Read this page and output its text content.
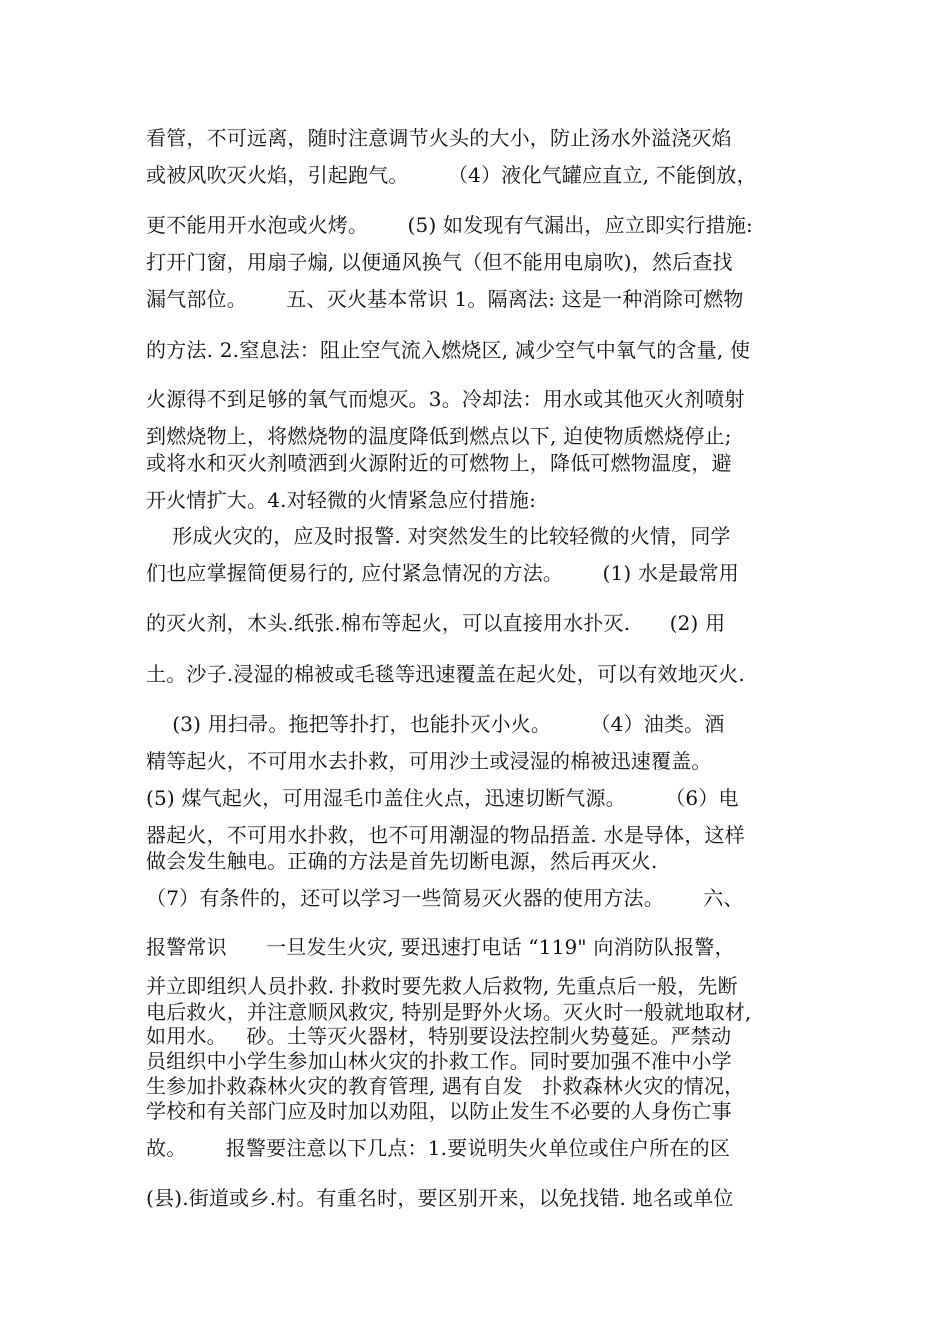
看管，不可远离，随时注意调节火头的大小，防止汤水外溢浇灭焰
或被风吹灭火焰，引起跑气。      （4）液化气罐应直立, 不能倒放，
更不能用开水泡或火烤。      (5) 如发现有气漏出，应立即实行措施:
打开门窗，用扇子煽, 以便通风换气（但不能用电扇吹)，然后查找
漏气部位。      五、灭火基本常识 1。隔离法: 这是一种消除可燃物
的方法. 2.窒息法：阻止空气流入燃烧区, 减少空气中氧气的含量, 使
火源得不到足够的氧气而熄灭。3。冷却法：用水或其他灭火剂喷射
到燃烧物上，将燃烧物的温度降低到燃点以下, 迫使物质燃烧停止;
或将水和灭火剂喷洒到火源附近的可燃物上，降低可燃物温度，避
开火情扩大。4.对轻微的火情紧急应付措施:
形成火灾的，应及时报警. 对突然发生的比较轻微的火情，同学
们也应掌握简便易行的, 应付紧急情况的方法。      (1) 水是最常用
的灭火剂，木头.纸张.棉布等起火，可以直接用水扑灭.      (2) 用
土。沙子.浸湿的棉被或毛毯等迅速覆盖在起火处，可以有效地灭火.
(3) 用扫帚。拖把等扑打，也能扑灭小火。      （4）油类。酒
精等起火，不可用水去扑救，可用沙土或浸湿的棉被迅速覆盖。
(5) 煤气起火，可用湿毛巾盖住火点，迅速切断气源。      （6）电
器起火，不可用水扑救，也不可用潮湿的物品捂盖. 水是导体，这样
做会发生触电。正确的方法是首先切断电源，然后再灭火.
（7）有条件的，还可以学习一些简易灭火器的使用方法。      六、
报警常识      一旦发生火灾, 要迅速打电话 “119" 向消防队报警，
并立即组织人员扑救. 扑救时要先救人后救物, 先重点后一般，先断
电后救火，并注意顺风救灾, 特别是野外火场。灭火时一般就地取材,
如用水。   砂。土等灭火器材，特别要设法控制火势蔓延。严禁动
员组织中小学生参加山林火灾的扑救工作。同时要加强不准中小学
生参加扑救森林火灾的教育管理, 遇有自发   扑救森林火灾的情况，
学校和有关部门应及时加以劝阻，以防止发生不必要的人身伤亡事
故。      报警要注意以下几点：1.要说明失火单位或住户所在的区
(县).街道或乡.村。有重名时，要区别开来，以免找错. 地名或单位
